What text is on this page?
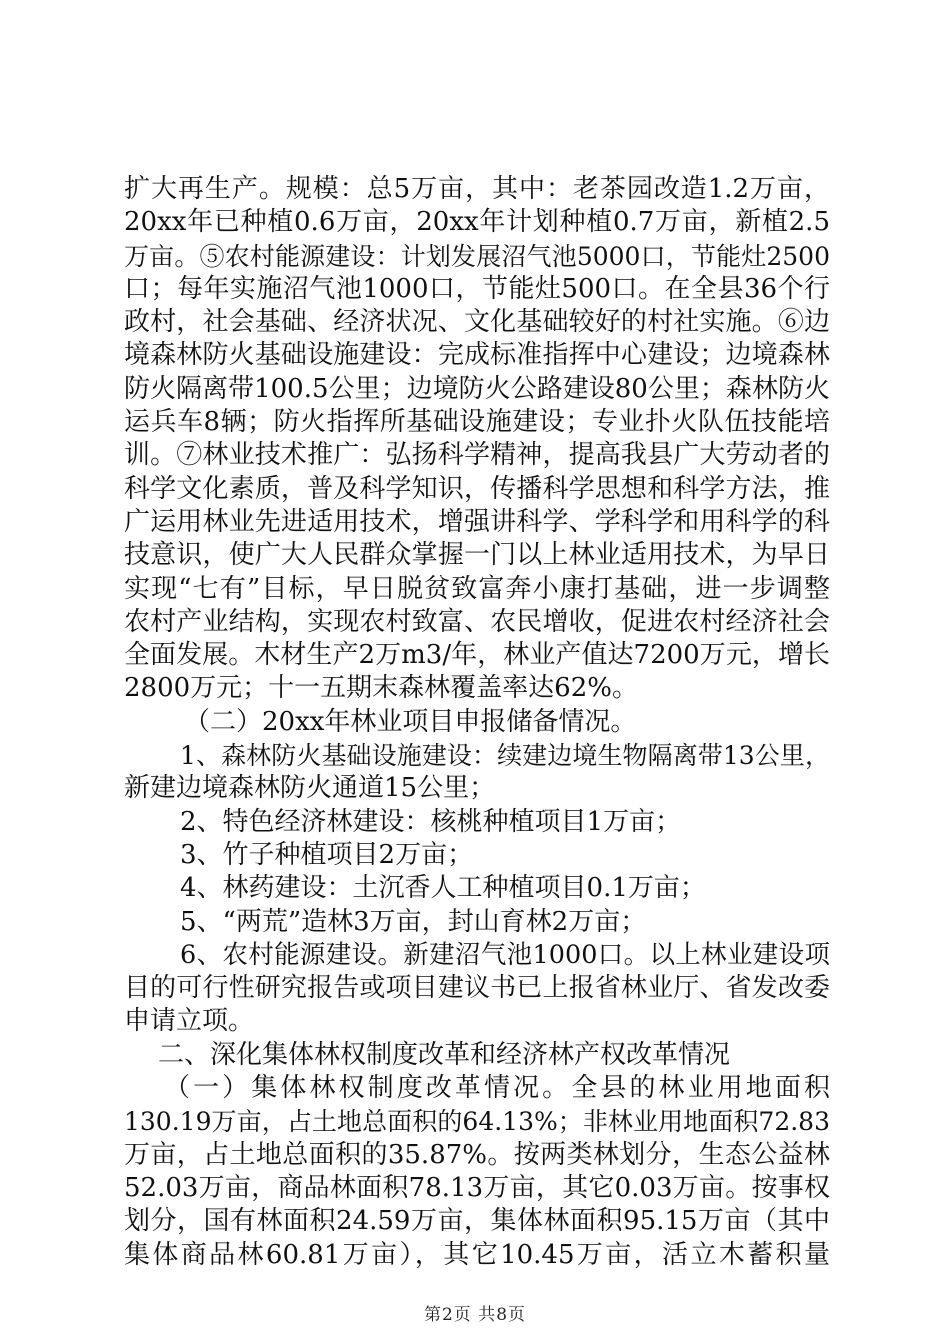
扩大再生产。规模：总5万亩，其中：老茶园改造1.2万亩，
20xx年已种植0.6万亩，20xx年计划种植0.7万亩，新植2.5
万亩。⑤农村能源建设：计划发展沼气池5000口，节能灶2500
口；每年实施沼气池1000口，节能灶500口。在全县36个行
政村，社会基础、经济状况、文化基础较好的村社实施。⑥边
境森林防火基础设施建设：完成标准指挥中心建设；边境森林
防火隔离带100.5公里；边境防火公路建设80公里；森林防火
运兵车8辆；防火指挥所基础设施建设；专业扑火队伍技能培
训。⑦林业技术推广：弘扬科学精神，提高我县广大劳动者的
科学文化素质，普及科学知识，传播科学思想和科学方法，推
广运用林业先进适用技术，增强讲科学、学科学和用科学的科
技意识，使广大人民群众掌握一门以上林业适用技术，为早日
实现“七有”目标，早日脱贫致富奔小康打基础，进一步调整
农村产业结构，实现农村致富、农民增收，促进农村经济社会
全面发展。木材生产2万m3/年，林业产值达7200万元，增长
2800万元；十一五期末森林覆盖率达62%。
（二）20xx年林业项目申报储备情况。
1、森林防火基础设施建设：续建边境生物隔离带13公里，
新建边境森林防火通道15公里；
2、特色经济林建设：核桃种植项目1万亩；
3、竹子种植项目2万亩；
4、林药建设：土沉香人工种植项目0.1万亩；
5、“两荒”造林3万亩，封山育林2万亩；
6、农村能源建设。新建沼气池1000口。以上林业建设项
目的可行性研究报告或项目建议书已上报省林业厅、省发改委
申请立项。
二、深化集体林权制度改革和经济林产权改革情况
（一）集体林权制度改革情况。全县的林业用地面积
130.19万亩，占土地总面积的64.13%；非林业用地面积72.83
万亩，占土地总面积的35.87%。按两类林划分，生态公益林
52.03万亩，商品林面积78.13万亩，其它0.03万亩。按事权
划分，国有林面积24.59万亩，集体林面积95.15万亩（其中
集体商品林60.81万亩），其它10.45万亩，活立木蓄积量
第2页 共8页
